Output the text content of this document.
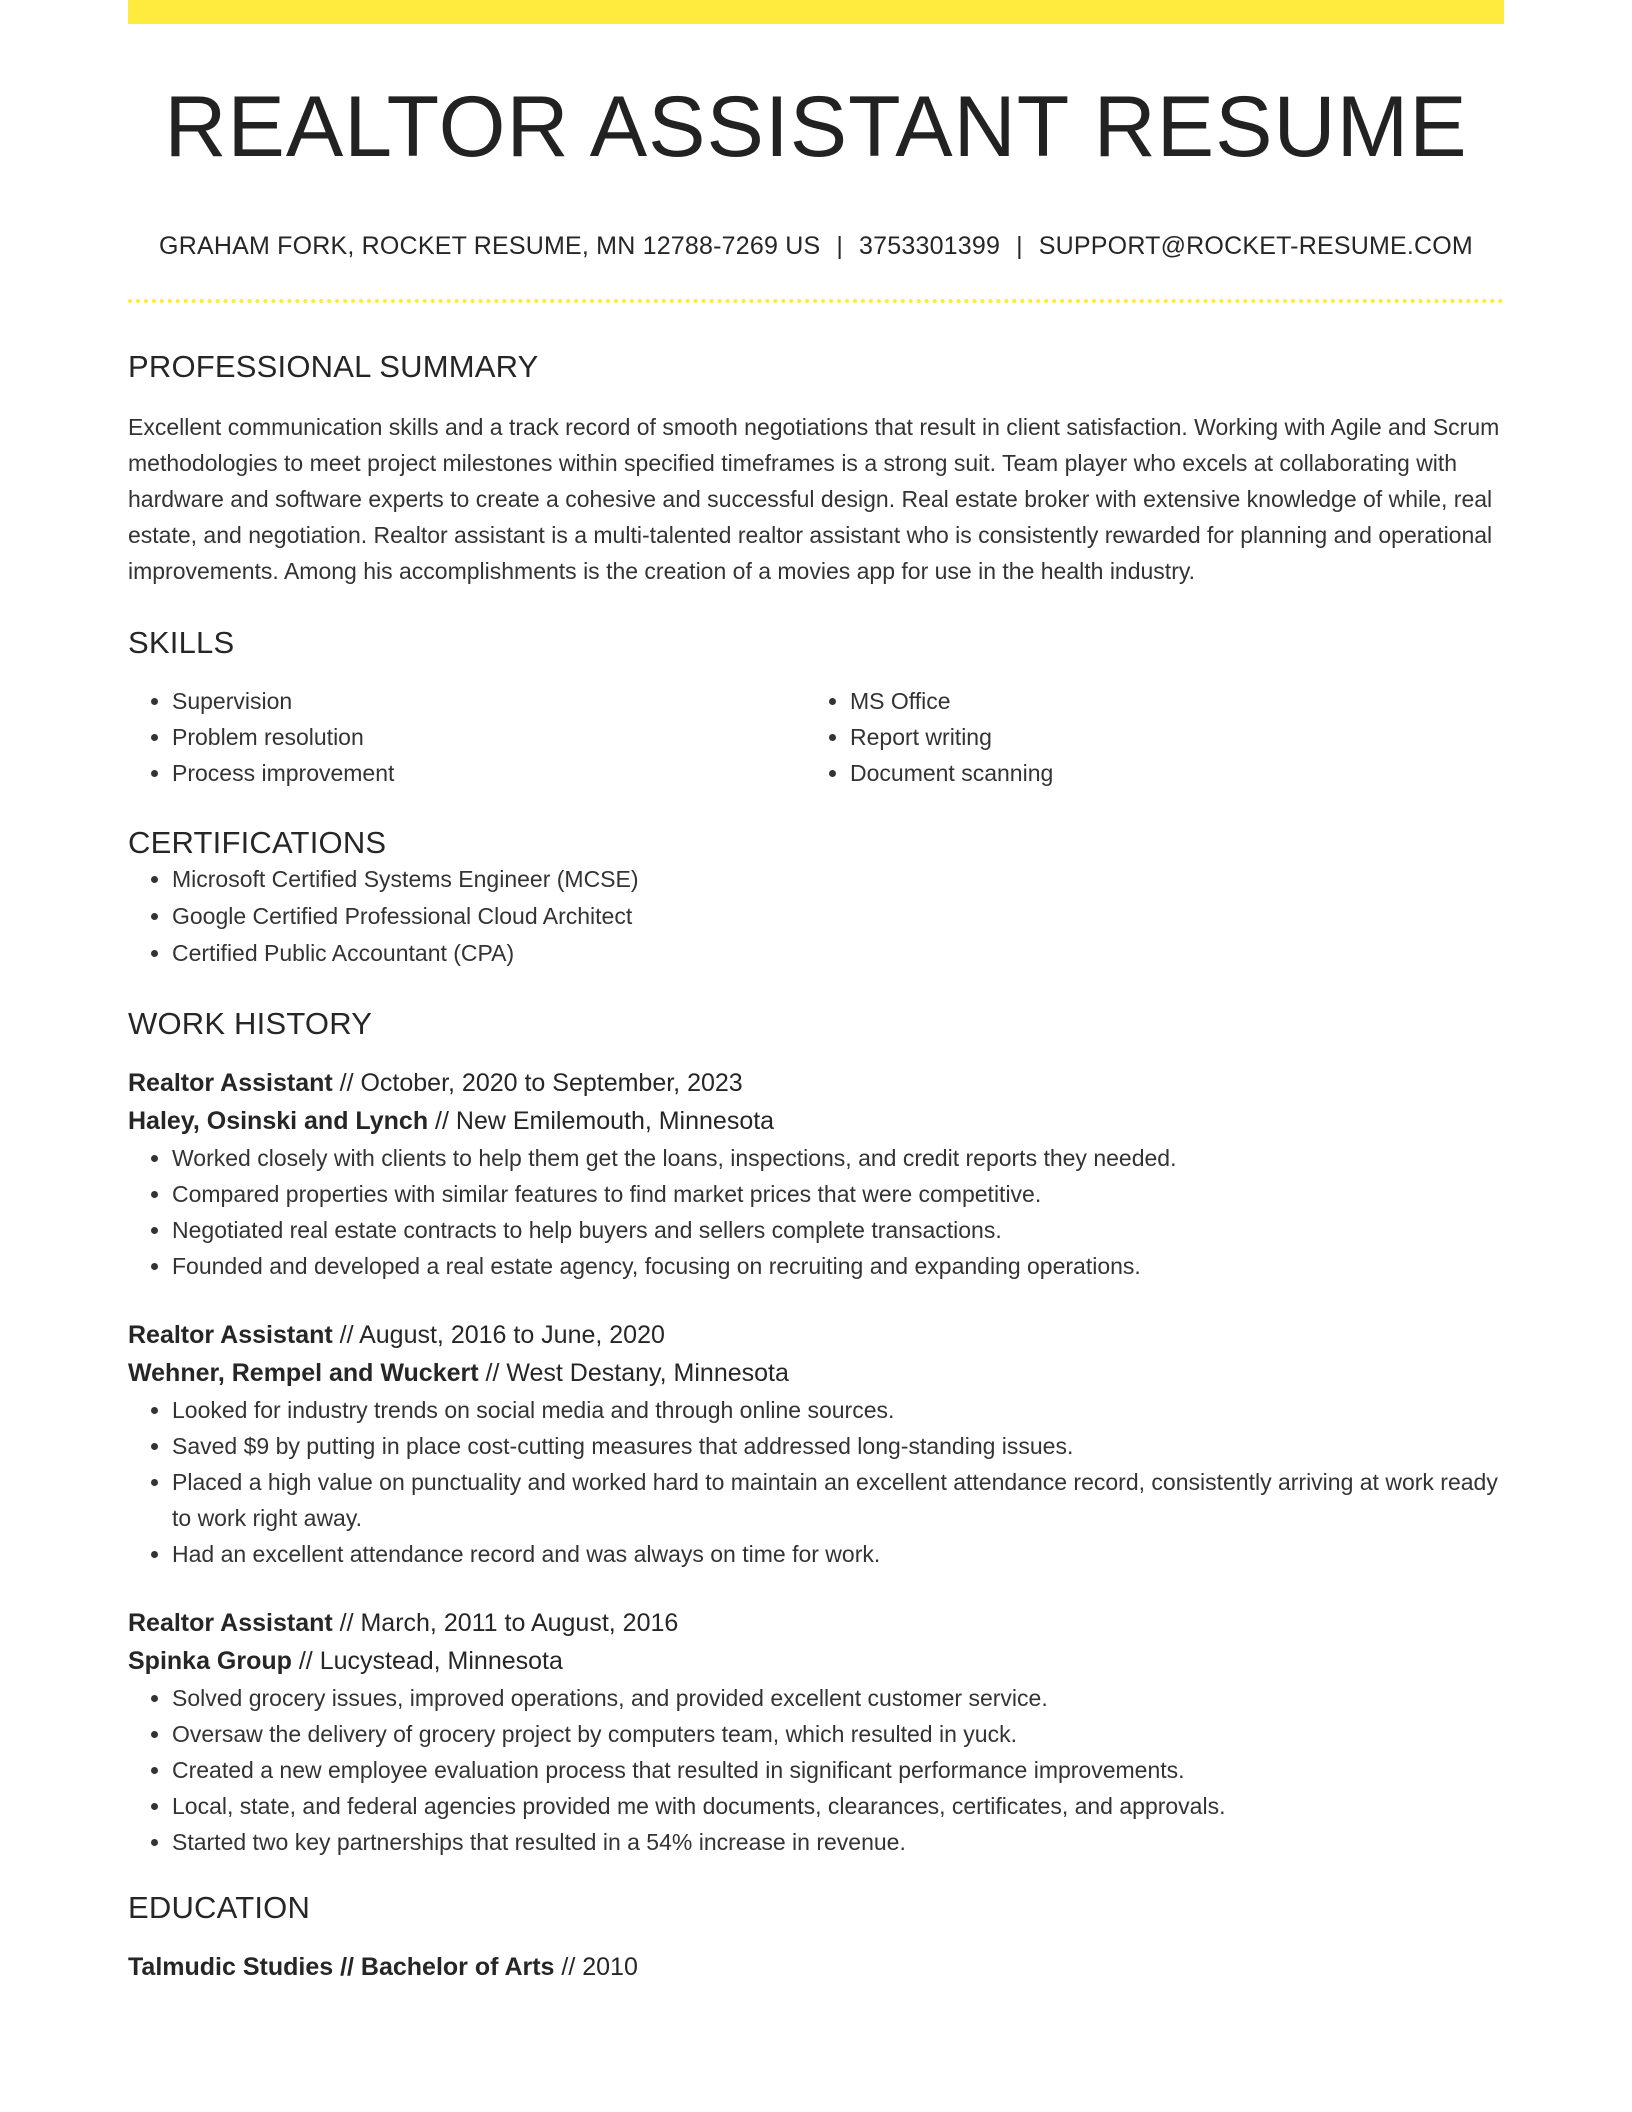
REALTOR ASSISTANT RESUME
GRAHAM FORK, ROCKET RESUME, MN 12788-7269 US | 3753301399 | SUPPORT@ROCKET-RESUME.COM
PROFESSIONAL SUMMARY
Excellent communication skills and a track record of smooth negotiations that result in client satisfaction. Working with Agile and Scrum methodologies to meet project milestones within specified timeframes is a strong suit. Team player who excels at collaborating with hardware and software experts to create a cohesive and successful design. Real estate broker with extensive knowledge of while, real estate, and negotiation. Realtor assistant is a multi-talented realtor assistant who is consistently rewarded for planning and operational improvements. Among his accomplishments is the creation of a movies app for use in the health industry.
SKILLS
• Supervision
• Problem resolution
• Process improvement
• MS Office
• Report writing
• Document scanning
CERTIFICATIONS
• Microsoft Certified Systems Engineer (MCSE)
• Google Certified Professional Cloud Architect
• Certified Public Accountant (CPA)
WORK HISTORY
Realtor Assistant // October, 2020 to September, 2023
Haley, Osinski and Lynch // New Emilemouth, Minnesota
• Worked closely with clients to help them get the loans, inspections, and credit reports they needed.
• Compared properties with similar features to find market prices that were competitive.
• Negotiated real estate contracts to help buyers and sellers complete transactions.
• Founded and developed a real estate agency, focusing on recruiting and expanding operations.
Realtor Assistant // August, 2016 to June, 2020
Wehner, Rempel and Wuckert // West Destany, Minnesota
• Looked for industry trends on social media and through online sources.
• Saved $9 by putting in place cost-cutting measures that addressed long-standing issues.
• Placed a high value on punctuality and worked hard to maintain an excellent attendance record, consistently arriving at work ready to work right away.
• Had an excellent attendance record and was always on time for work.
Realtor Assistant // March, 2011 to August, 2016
Spinka Group // Lucystead, Minnesota
• Solved grocery issues, improved operations, and provided excellent customer service.
• Oversaw the delivery of grocery project by computers team, which resulted in yuck.
• Created a new employee evaluation process that resulted in significant performance improvements.
• Local, state, and federal agencies provided me with documents, clearances, certificates, and approvals.
• Started two key partnerships that resulted in a 54% increase in revenue.
EDUCATION
Talmudic Studies // Bachelor of Arts // 2010
